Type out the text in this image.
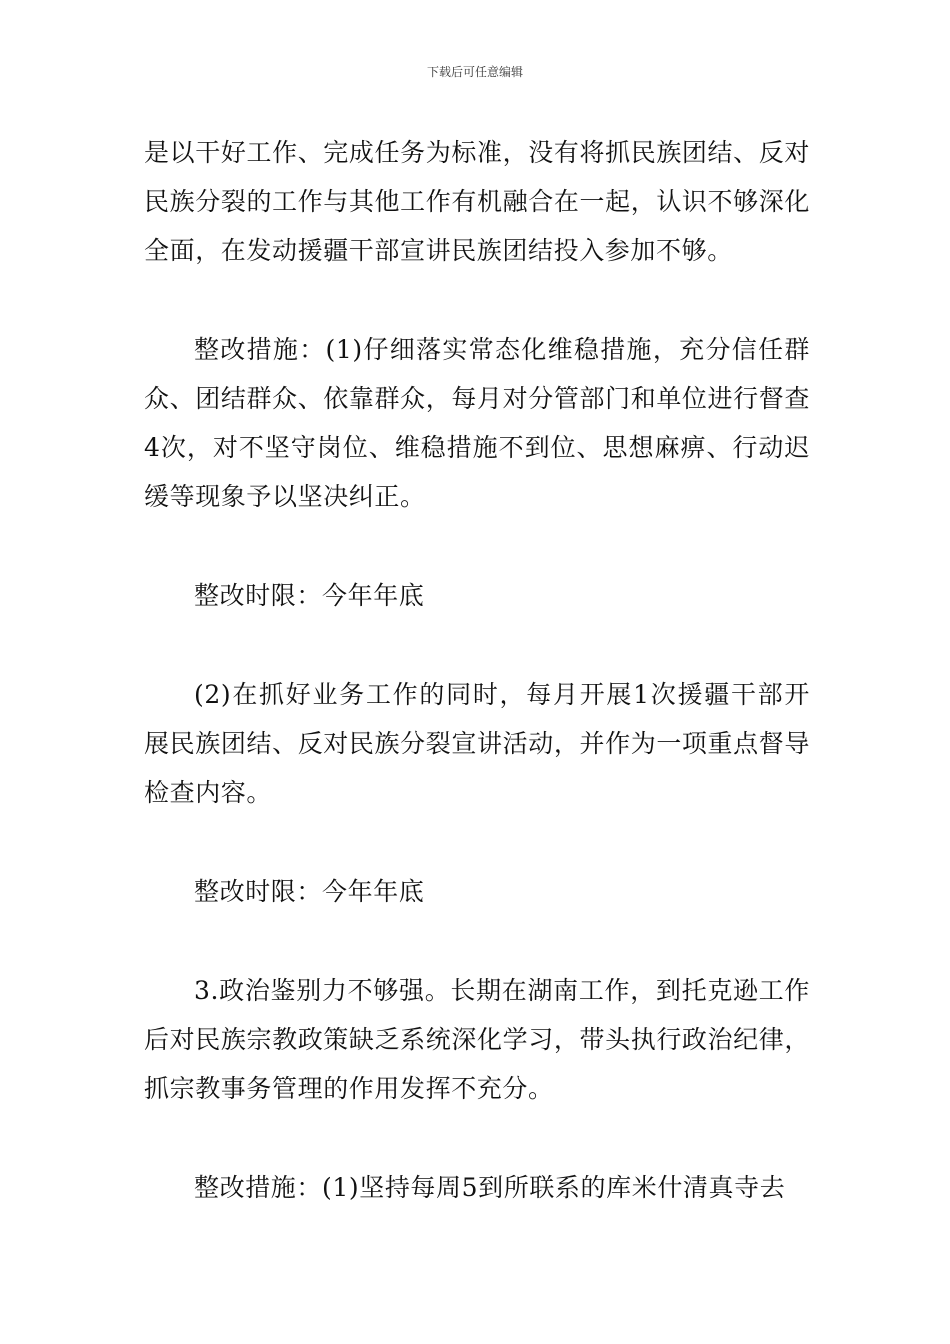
下载后可任意编辑

是以干好工作、完成任务为标准，没有将抓民族团结、反对民族分裂的工作与其他工作有机融合在一起，认识不够深化全面，在发动援疆干部宣讲民族团结投入参加不够。

整改措施：(1)仔细落实常态化维稳措施，充分信任群众、团结群众、依靠群众，每月对分管部门和单位进行督查4次，对不坚守岗位、维稳措施不到位、思想麻痹、行动迟缓等现象予以坚决纠正。

整改时限：今年年底

(2)在抓好业务工作的同时，每月开展1次援疆干部开展民族团结、反对民族分裂宣讲活动，并作为一项重点督导检查内容。

整改时限：今年年底

3.政治鉴别力不够强。长期在湖南工作，到托克逊工作后对民族宗教政策缺乏系统深化学习，带头执行政治纪律，抓宗教事务管理的作用发挥不充分。

整改措施：(1)坚持每周5到所联系的库米什清真寺去
